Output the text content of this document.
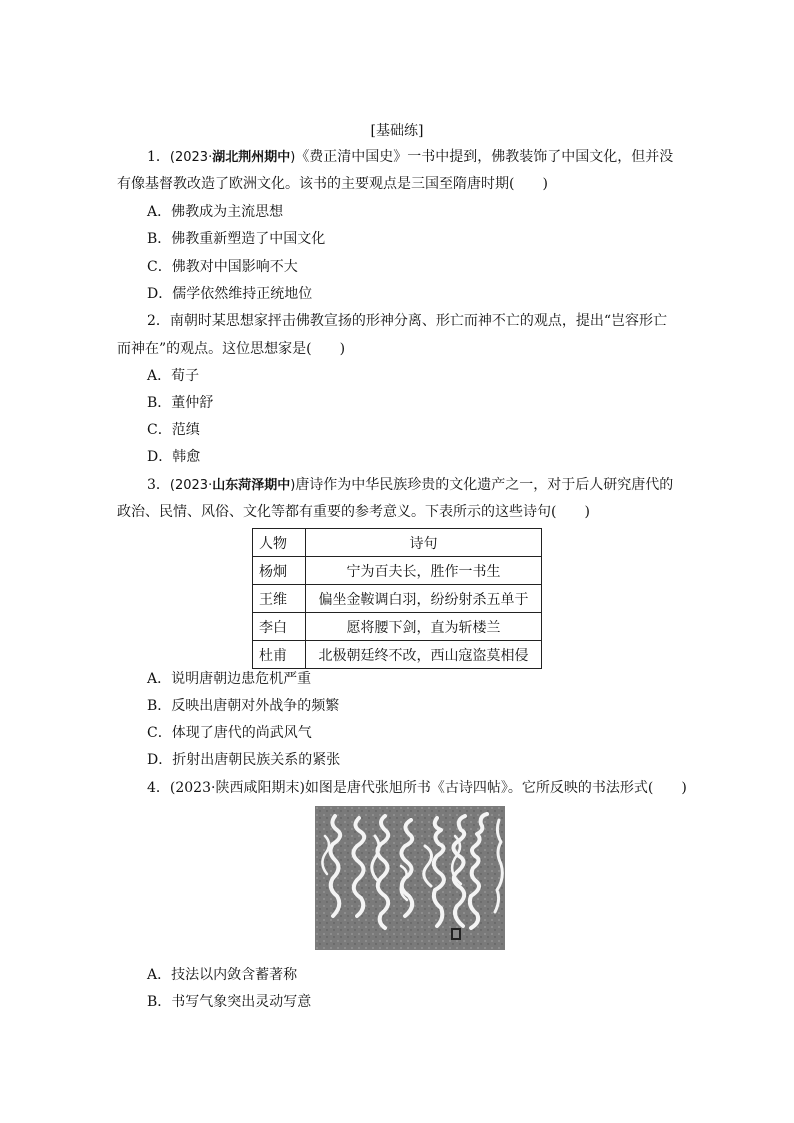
[基础练]
1．(2023·湖北荆州期中)《费正清中国史》一书中提到，佛教装饰了中国文化，但并没
有像基督教改造了欧洲文化。该书的主要观点是三国至隋唐时期(　　)
A．佛教成为主流思想
B．佛教重新塑造了中国文化
C．佛教对中国影响不大
D．儒学依然维持正统地位
2．南朝时某思想家抨击佛教宣扬的形神分离、形亡而神不亡的观点，提出“岂容形亡
而神在”的观点。这位思想家是(　　)
A．荀子
B．董仲舒
C．范缜
D．韩愈
3．(2023·山东菏泽期中)唐诗作为中华民族珍贵的文化遗产之一，对于后人研究唐代的
政治、民情、风俗、文化等都有重要的参考意义。下表所示的这些诗句(　　)
人物	诗句
杨炯	宁为百夫长，胜作一书生
王维	偏坐金鞍调白羽，纷纷射杀五单于
李白	愿将腰下剑，直为斩楼兰
杜甫	北极朝廷终不改，西山寇盗莫相侵
A．说明唐朝边患危机严重
B．反映出唐朝对外战争的频繁
C．体现了唐代的尚武风气
D．折射出唐朝民族关系的紧张
4．(2023·陕西咸阳期末)如图是唐代张旭所书《古诗四帖》。它所反映的书法形式(　　)
A．技法以内敛含蓄著称
B．书写气象突出灵动写意
